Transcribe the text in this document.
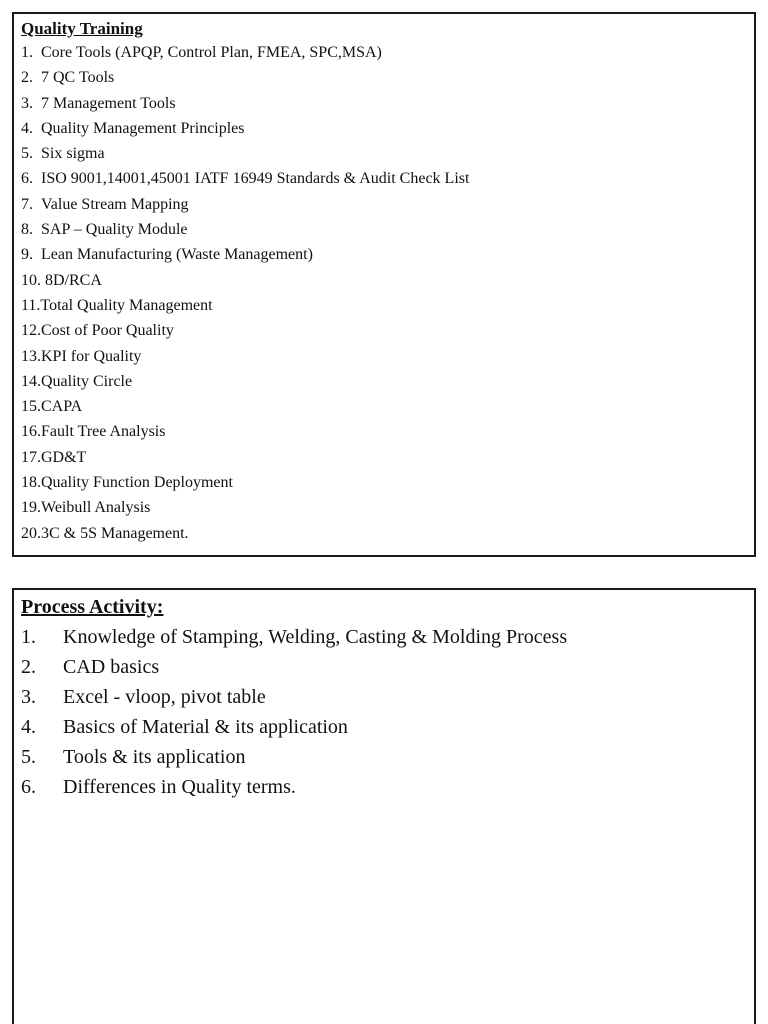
Quality Training
1. Core Tools (APQP, Control Plan, FMEA, SPC,MSA)
2. 7 QC Tools
3. 7 Management Tools
4. Quality Management Principles
5. Six sigma
6. ISO 9001,14001,45001 IATF 16949 Standards & Audit Check List
7. Value Stream Mapping
8. SAP – Quality Module
9. Lean Manufacturing (Waste Management)
10. 8D/RCA
11. Total Quality Management
12. Cost of Poor Quality
13. KPI for Quality
14. Quality Circle
15. CAPA
16. Fault Tree Analysis
17. GD&T
18. Quality Function Deployment
19. Weibull Analysis
20. 3C & 5S Management.
Process Activity:
1.	Knowledge of Stamping, Welding, Casting & Molding Process
2.	CAD basics
3.	Excel - vloop, pivot table
4.	Basics of Material & its application
5.	Tools & its application
6.	Differences in Quality terms.
